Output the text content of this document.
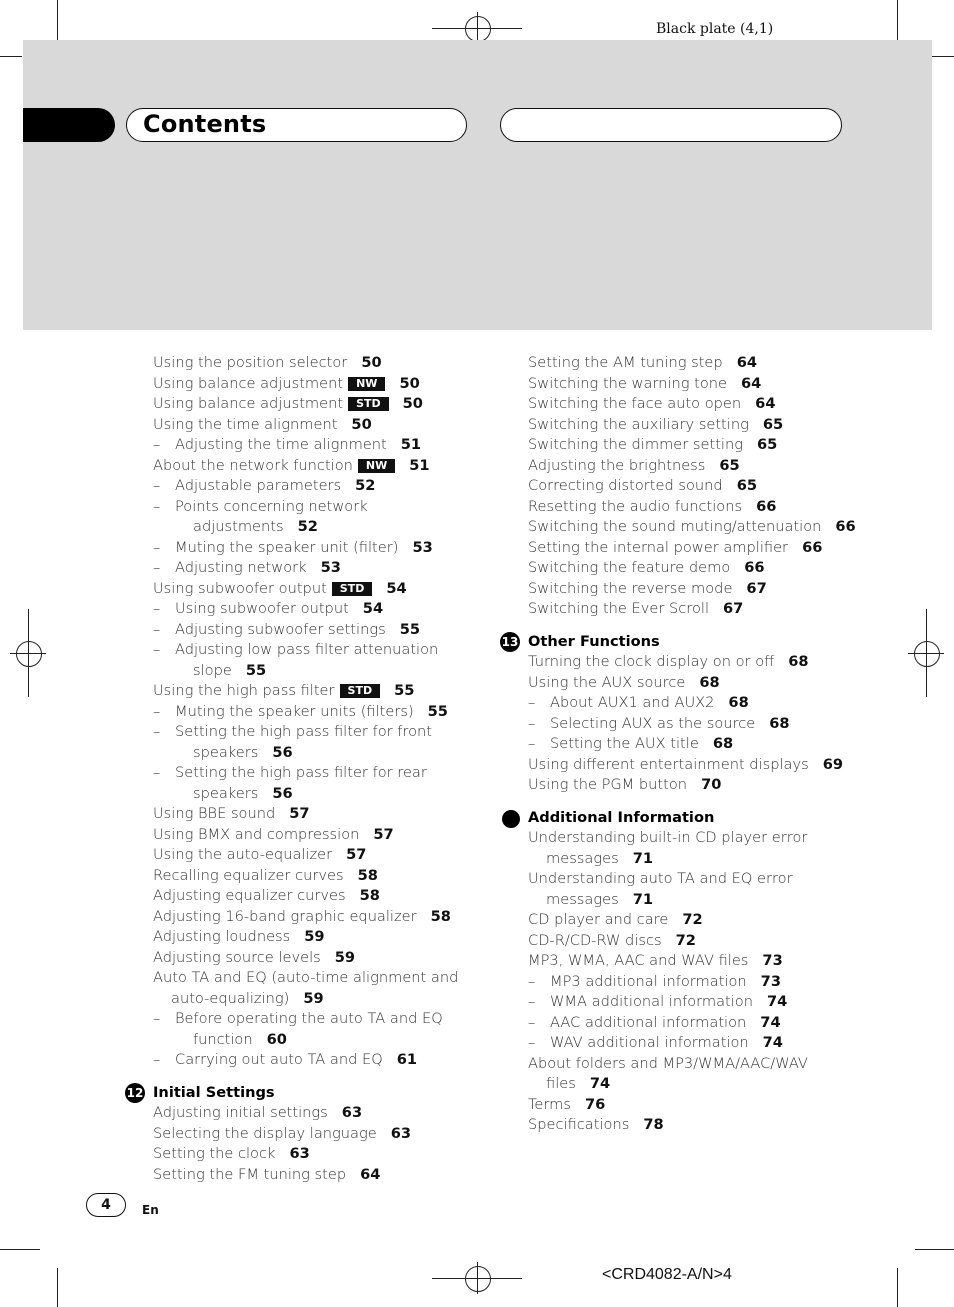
Black plate (4,1)
Contents
Using the position selector 50
Using balance adjustment NW 50
Using balance adjustment STD 50
Using the time alignment 50
– Adjusting the time alignment 51
About the network function NW 51
– Adjustable parameters 52
– Points concerning network
adjustments 52
– Muting the speaker unit (filter) 53
– Adjusting network 53
Using subwoofer output STD 54
– Using subwoofer output 54
– Adjusting subwoofer settings 55
– Adjusting low pass filter attenuation
slope 55
Using the high pass filter STD 55
– Muting the speaker units (filters) 55
– Setting the high pass filter for front
speakers 56
– Setting the high pass filter for rear
speakers 56
Using BBE sound 57
Using BMX and compression 57
Using the auto-equalizer 57
Recalling equalizer curves 58
Adjusting equalizer curves 58
Adjusting 16-band graphic equalizer 58
Adjusting loudness 59
Adjusting source levels 59
Auto TA and EQ (auto-time alignment and
auto-equalizing) 59
– Before operating the auto TA and EQ
function 60
– Carrying out auto TA and EQ 61
12 Initial Settings
Adjusting initial settings 63
Selecting the display language 63
Setting the clock 63
Setting the FM tuning step 64
Setting the AM tuning step 64
Switching the warning tone 64
Switching the face auto open 64
Switching the auxiliary setting 65
Switching the dimmer setting 65
Adjusting the brightness 65
Correcting distorted sound 65
Resetting the audio functions 66
Switching the sound muting/attenuation 66
Setting the internal power amplifier 66
Switching the feature demo 66
Switching the reverse mode 67
Switching the Ever Scroll 67
13 Other Functions
Turning the clock display on or off 68
Using the AUX source 68
– About AUX1 and AUX2 68
– Selecting AUX as the source 68
– Setting the AUX title 68
Using different entertainment displays 69
Using the PGM button 70
Additional Information
Understanding built-in CD player error
messages 71
Understanding auto TA and EQ error
messages 71
CD player and care 72
CD-R/CD-RW discs 72
MP3, WMA, AAC and WAV files 73
– MP3 additional information 73
– WMA additional information 74
– AAC additional information 74
– WAV additional information 74
About folders and MP3/WMA/AAC/WAV
files 74
Terms 76
Specifications 78
4	En
<CRD4082-A/N>4
